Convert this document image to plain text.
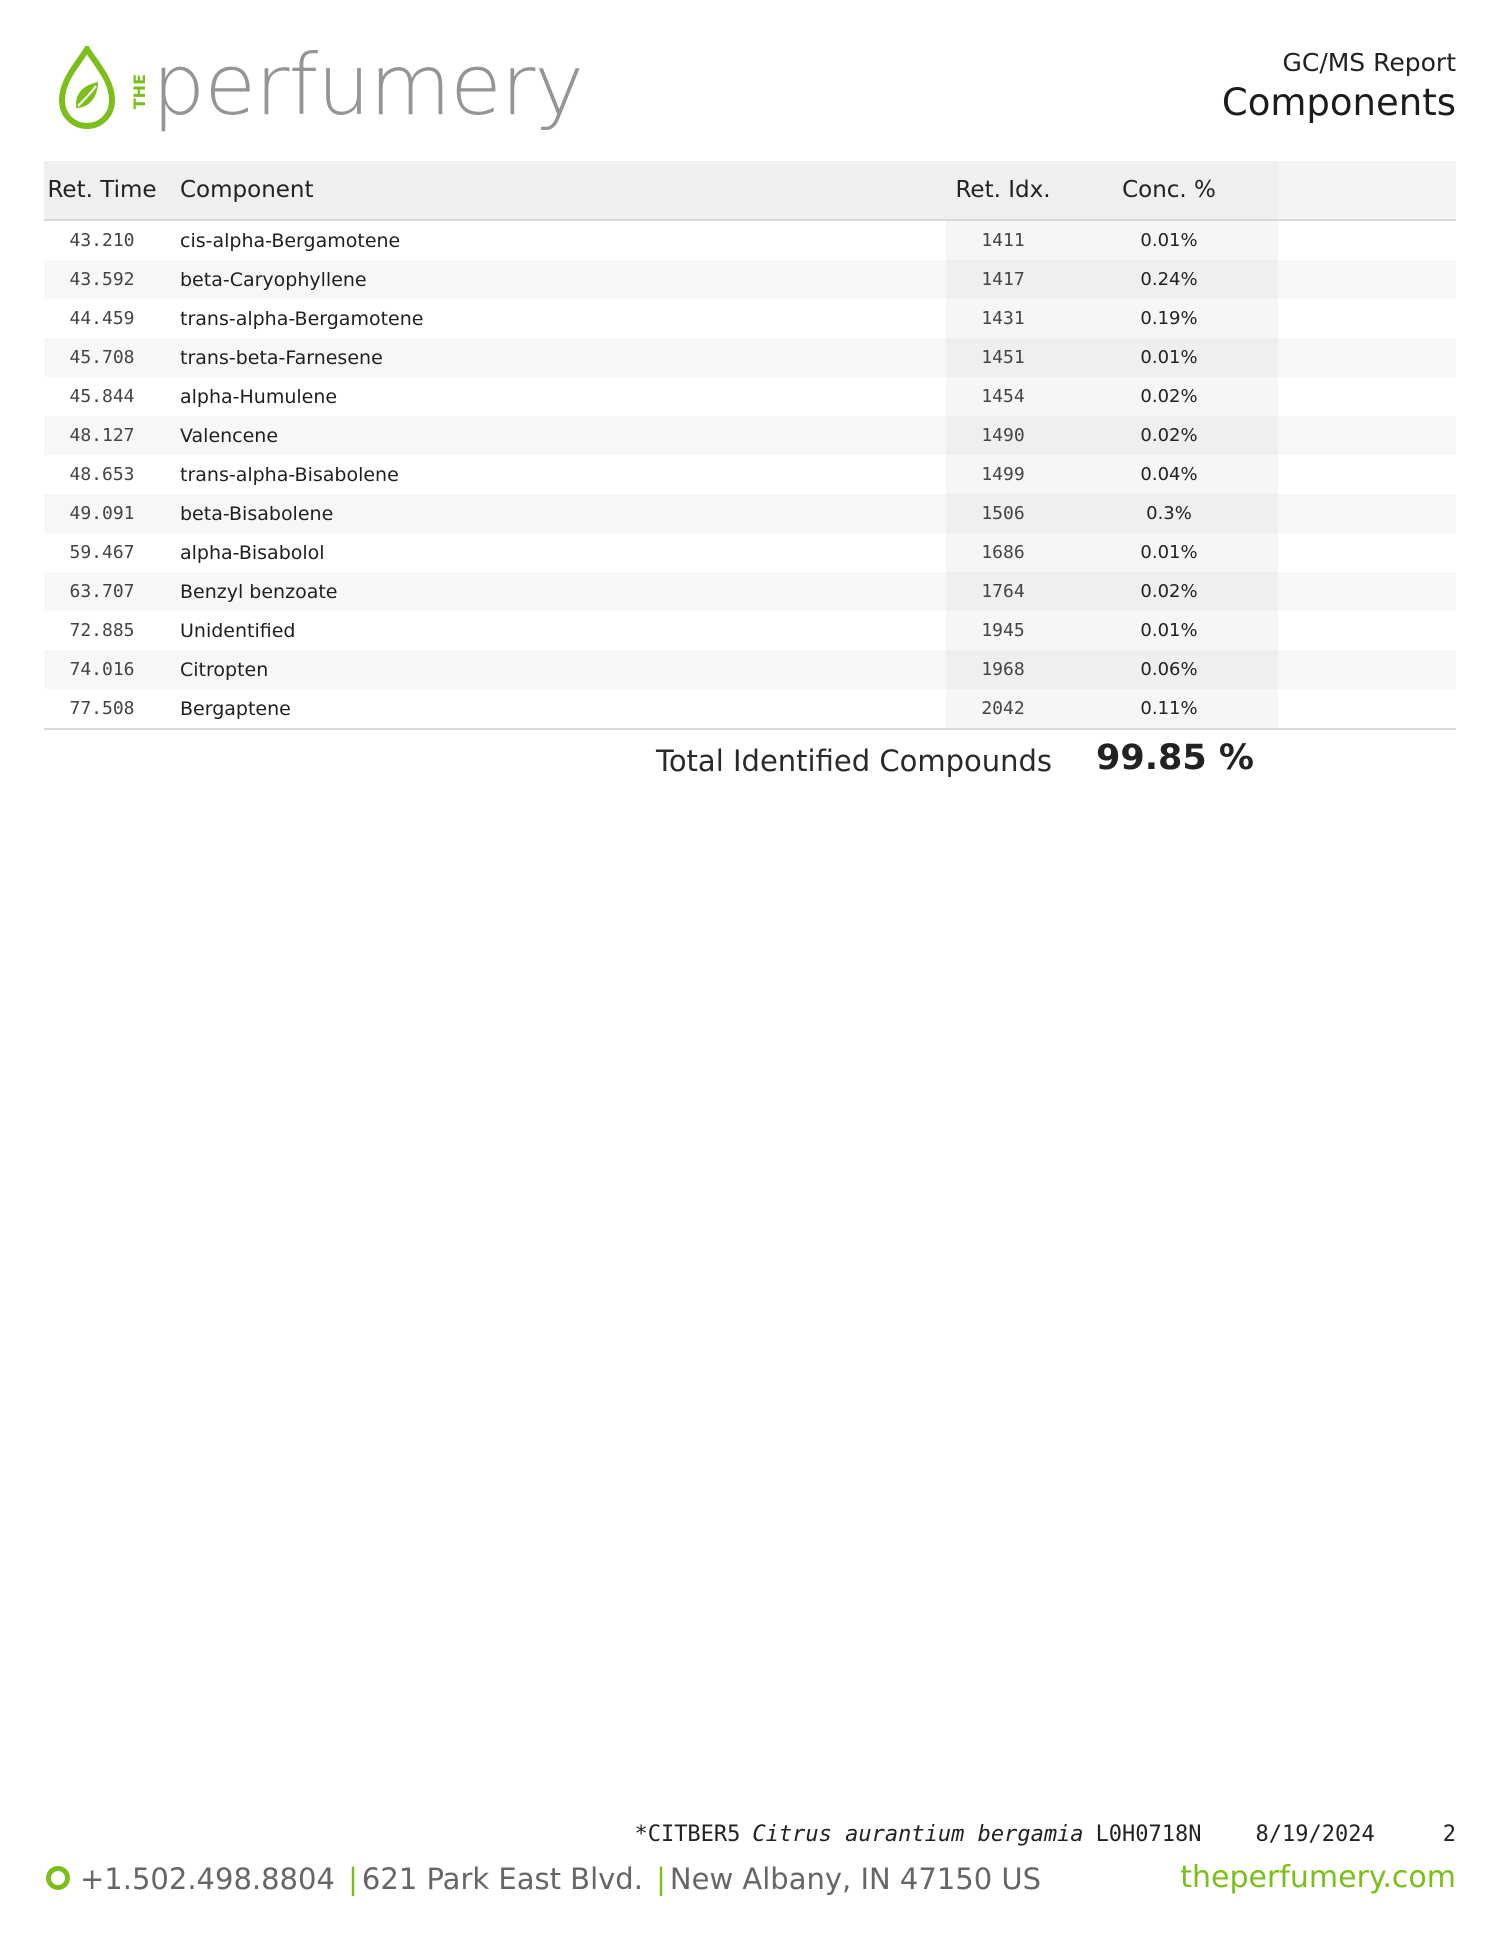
THE perfumery	GC/MS Report
Components
Ret. Time	Component	Ret. Idx.	Conc. %	
43.210	cis-alpha-Bergamotene	1411	0.01%	
43.592	beta-Caryophyllene	1417	0.24%	
44.459	trans-alpha-Bergamotene	1431	0.19%	
45.708	trans-beta-Farnesene	1451	0.01%	
45.844	alpha-Humulene	1454	0.02%	
48.127	Valencene	1490	0.02%	
48.653	trans-alpha-Bisabolene	1499	0.04%	
49.091	beta-Bisabolene	1506	0.3%	
59.467	alpha-Bisabolol	1686	0.01%	
63.707	Benzyl benzoate	1764	0.02%	
72.885	Unidentified	1945	0.01%	
74.016	Citropten	1968	0.06%	
77.508	Bergaptene	2042	0.11%	
Total Identified Compounds 99.85 %
*CITBER5 Citrus aurantium bergamia L0H0718N 8/19/2024	2
+1.502.498.8804 | 621 Park East Blvd. | New Albany, IN 47150 US	theperfumery.com
